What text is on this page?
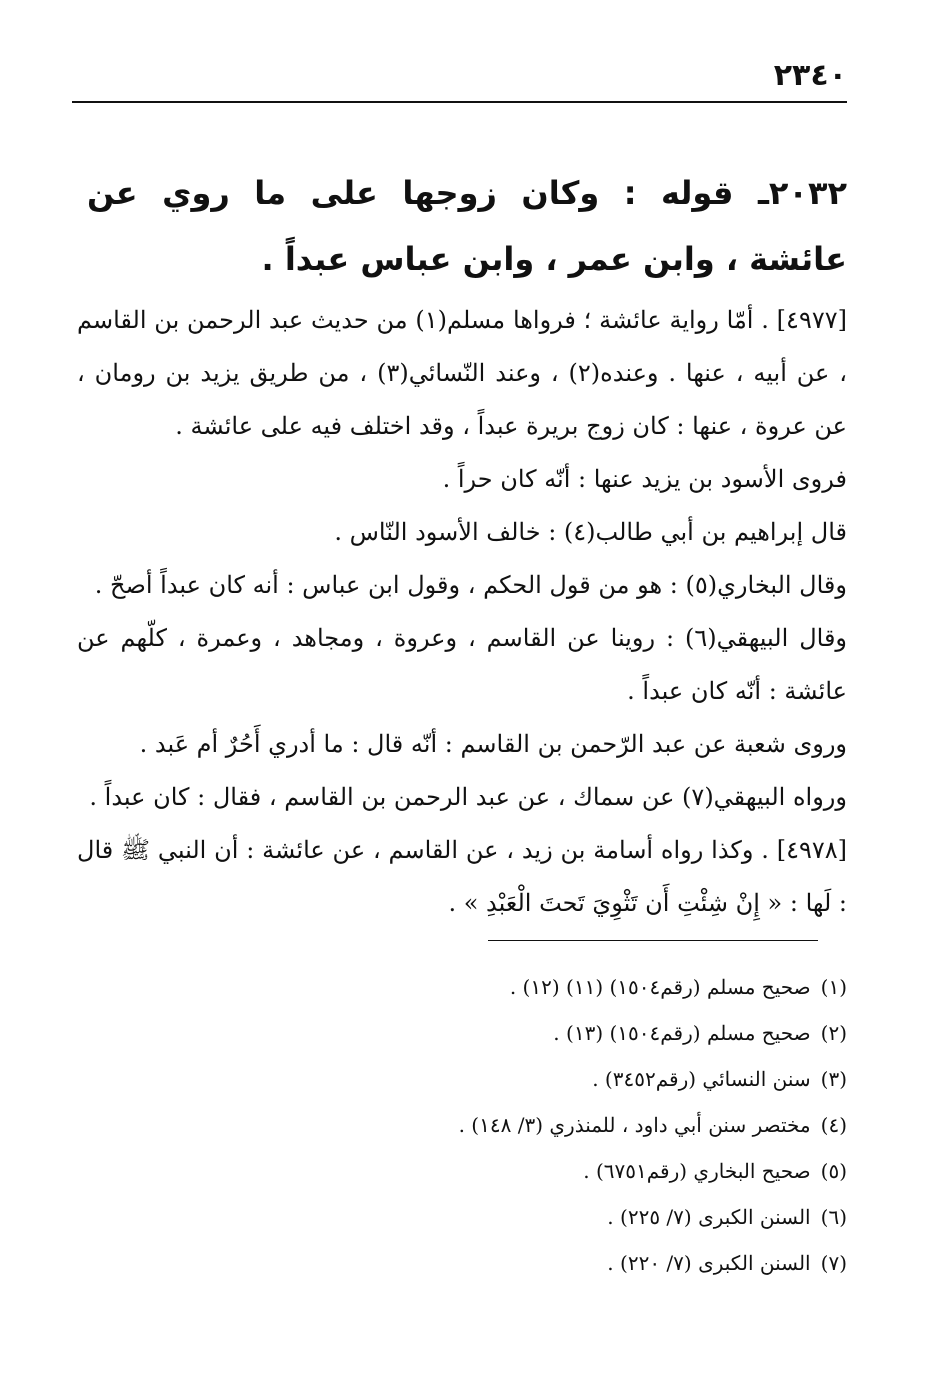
٢٣٤٠
٢٠٣٢ـ قوله : وكان زوجها على ما روي عن عائشة ، وابن عمر ، وابن عباس عبداً .

[٤٩٧٧] . أمّا رواية عائشة ؛ فرواها مسلم(١) من حديث عبد الرحمن بن القاسم ، عن أبيه ، عنها . وعنده(٢) ، وعند النّسائي(٣) ، من طريق يزيد بن رومان ، عن عروة ، عنها : كان زوج بريرة عبداً ، وقد اختلف فيه على عائشة .

فروى الأسود بن يزيد عنها : أنّه كان حراً .

قال إبراهيم بن أبي طالب(٤) : خالف الأسود النّاس .

وقال البخاري(٥) : هو من قول الحكم ، وقول ابن عباس : أنه كان عبداً أصحّ .

وقال البيهقي(٦) : روينا عن القاسم ، وعروة ، ومجاهد ، وعمرة ، كلّهم عن عائشة : أنّه كان عبداً .

وروى شعبة عن عبد الرّحمن بن القاسم : أنّه قال : ما أدري أَحُرٌ أم عَبد .

ورواه البيهقي(٧) عن سماك ، عن عبد الرحمن بن القاسم ، فقال : كان عبداً .

[٤٩٧٨] . وكذا رواه أسامة بن زيد ، عن القاسم ، عن عائشة : أن النبي ﷺ قال : لَها : « إِنْ شِئْتِ أَن تَثْوِيَ تَحتَ الْعَبْدِ » .

(١)صحيح مسلم (رقم١٥٠٤) (١١) (١٢) .
(٢)صحيح مسلم (رقم١٥٠٤) (١٣) .
(٣)سنن النسائي (رقم٣٤٥٢) .
(٤)مختصر سنن أبي داود ، للمنذري (٣/ ١٤٨) .
(٥)صحيح البخاري (رقم٦٧٥١) .
(٦)السنن الكبرى (٧/ ٢٢٥) .
(٧)السنن الكبرى (٧/ ٢٢٠) .
